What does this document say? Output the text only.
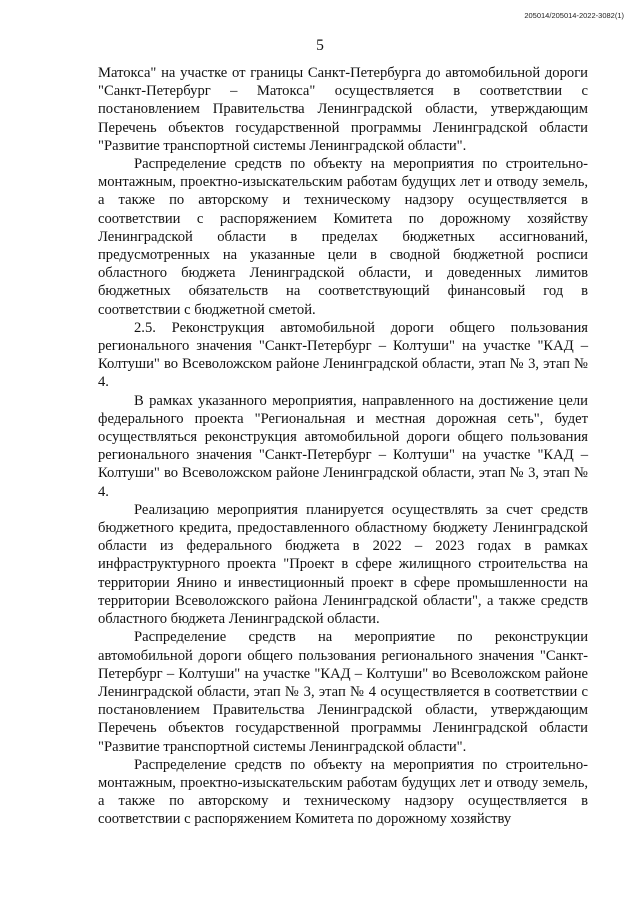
205014/205014-2022-3082(1)
5

Матокса" на участке от границы Санкт-Петербурга до автомобильной дороги "Санкт-Петербург – Матокса" осуществляется в соответствии с постановлением Правительства Ленинградской области, утверждающим Перечень объектов государственной программы Ленинградской области "Развитие транспортной системы Ленинградской области".

Распределение средств по объекту на мероприятия по строительно-монтажным, проектно-изыскательским работам будущих лет и отводу земель, а также по авторскому и техническому надзору осуществляется в соответствии с распоряжением Комитета по дорожному хозяйству Ленинградской области в пределах бюджетных ассигнований, предусмотренных на указанные цели в сводной бюджетной росписи областного бюджета Ленинградской области, и доведенных лимитов бюджетных обязательств на соответствующий финансовый год в соответствии с бюджетной сметой.

2.5. Реконструкция автомобильной дороги общего пользования регионального значения "Санкт-Петербург – Колтуши" на участке "КАД – Колтуши" во Всеволожском районе Ленинградской области, этап № 3, этап № 4.

В рамках указанного мероприятия, направленного на достижение цели федерального проекта "Региональная и местная дорожная сеть", будет осуществляться реконструкция автомобильной дороги общего пользования регионального значения "Санкт-Петербург – Колтуши" на участке "КАД – Колтуши" во Всеволожском районе Ленинградской области, этап № 3, этап № 4.

Реализацию мероприятия планируется осуществлять за счет средств бюджетного кредита, предоставленного областному бюджету Ленинградской области из федерального бюджета в 2022 – 2023 годах в рамках инфраструктурного проекта "Проект в сфере жилищного строительства на территории Янино и инвестиционный проект в сфере промышленности на территории Всеволожского района Ленинградской области", а также средств областного бюджета Ленинградской области.

Распределение средств на мероприятие по реконструкции автомобильной дороги общего пользования регионального значения "Санкт-Петербург – Колтуши" на участке "КАД – Колтуши" во Всеволожском районе Ленинградской области, этап № 3, этап № 4 осуществляется в соответствии с постановлением Правительства Ленинградской области, утверждающим Перечень объектов государственной программы Ленинградской области "Развитие транспортной системы Ленинградской области".

Распределение средств по объекту на мероприятия по строительно-монтажным, проектно-изыскательским работам будущих лет и отводу земель, а также по авторскому и техническому надзору осуществляется в соответствии с распоряжением Комитета по дорожному хозяйству
